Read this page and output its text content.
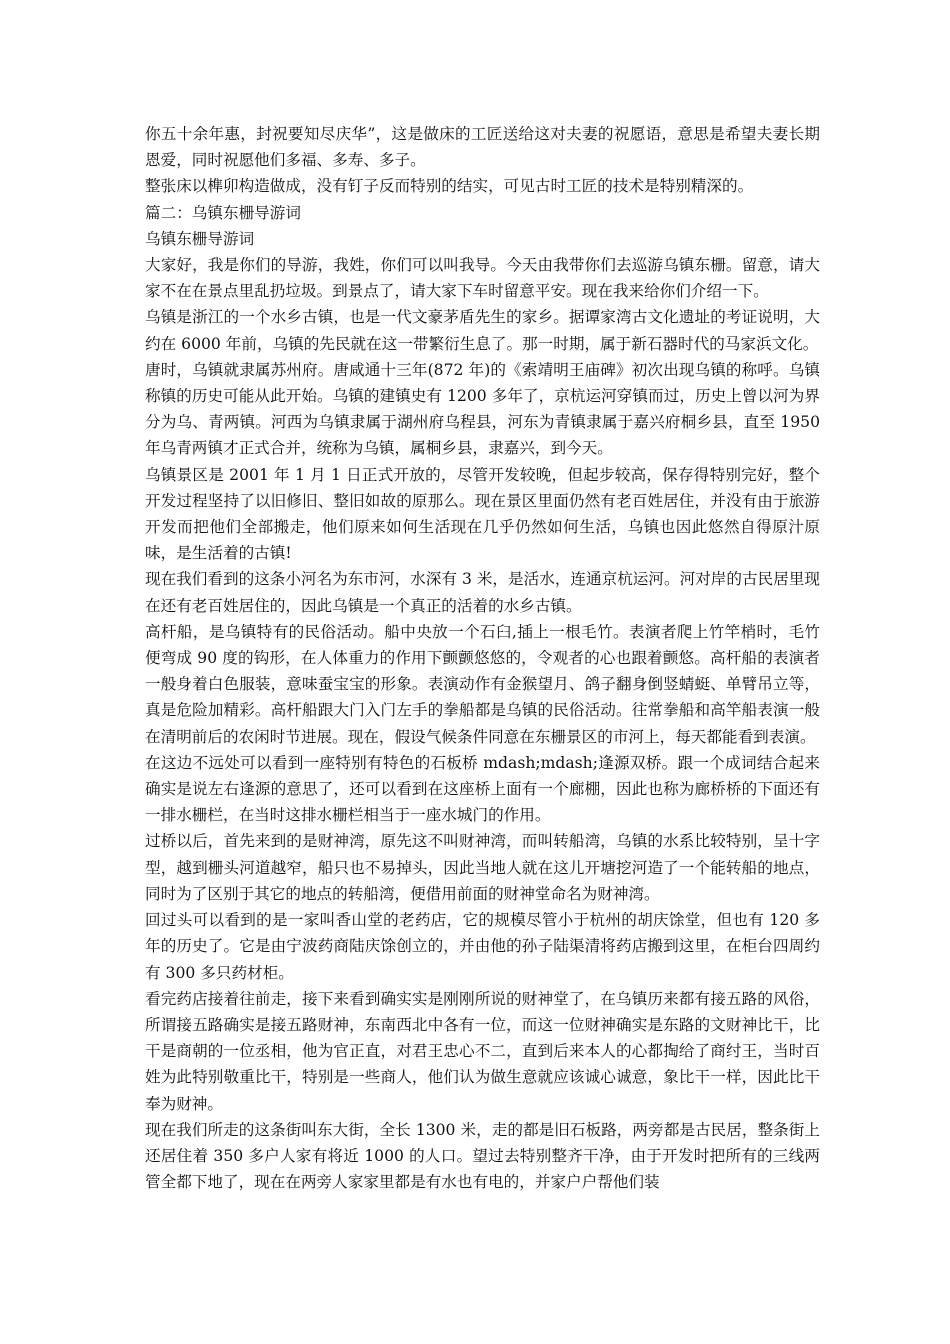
你五十余年惠，封祝要知尽庆华”，这是做床的工匠送给这对夫妻的祝愿语，意思是希望夫妻长期恩爱，同时祝愿他们多福、多寿、多子。

整张床以榫卯构造做成，没有钉子反而特别的结实，可见古时工匠的技术是特别精深的。

篇二：乌镇东栅导游词

乌镇东栅导游词

大家好，我是你们的导游，我姓，你们可以叫我导。今天由我带你们去巡游乌镇东栅。留意，请大家不在在景点里乱扔垃圾。到景点了，请大家下车时留意平安。现在我来给你们介绍一下。

乌镇是浙江的一个水乡古镇，也是一代文豪茅盾先生的家乡。据谭家湾古文化遗址的考证说明，大约在 6000 年前，乌镇的先民就在这一带繁衍生息了。那一时期，属于新石器时代的马家浜文化。

唐时，乌镇就隶属苏州府。唐咸通十三年(872 年)的《索靖明王庙碑》初次出现乌镇的称呼。乌镇称镇的历史可能从此开始。乌镇的建镇史有 1200 多年了，京杭运河穿镇而过，历史上曾以河为界分为乌、青两镇。河西为乌镇隶属于湖州府乌程县，河东为青镇隶属于嘉兴府桐乡县，直至 1950 年乌青两镇才正式合并，统称为乌镇，属桐乡县，隶嘉兴，到今天。

乌镇景区是 2001 年 1 月 1 日正式开放的，尽管开发较晚，但起步较高，保存得特别完好，整个开发过程坚持了以旧修旧、整旧如故的原那么。现在景区里面仍然有老百姓居住，并没有由于旅游开发而把他们全部搬走，他们原来如何生活现在几乎仍然如何生活，乌镇也因此悠然自得原汁原味，是生活着的古镇!

现在我们看到的这条小河名为东市河，水深有 3 米，是活水，连通京杭运河。河对岸的古民居里现在还有老百姓居住的，因此乌镇是一个真正的活着的水乡古镇。

高杆船，是乌镇特有的民俗活动。船中央放一个石臼,插上一根毛竹。表演者爬上竹竿梢时，毛竹便弯成 90 度的钩形，在人体重力的作用下颤颤悠悠的，令观者的心也跟着颤悠。高杆船的表演者一般身着白色服装，意味蚕宝宝的形象。表演动作有金猴望月、鸽子翻身倒竖蜻蜓、单臂吊立等，真是危险加精彩。高杆船跟大门入门左手的拳船都是乌镇的民俗活动。往常拳船和高竿船表演一般在清明前后的农闲时节进展。现在，假设气候条件同意在东栅景区的市河上，每天都能看到表演。

在这边不远处可以看到一座特别有特色的石板桥 mdash;mdash;逢源双桥。跟一个成词结合起来确实是说左右逢源的意思了，还可以看到在这座桥上面有一个廊棚，因此也称为廊桥桥的下面还有一排水栅栏，在当时这排水栅栏相当于一座水城门的作用。

过桥以后，首先来到的是财神湾，原先这不叫财神湾，而叫转船湾，乌镇的水系比较特别，呈十字型，越到栅头河道越窄，船只也不易掉头，因此当地人就在这儿开塘挖河造了一个能转船的地点，同时为了区别于其它的地点的转船湾，便借用前面的财神堂命名为财神湾。

回过头可以看到的是一家叫香山堂的老药店，它的规模尽管小于杭州的胡庆馀堂，但也有 120 多年的历史了。它是由宁波药商陆庆馀创立的，并由他的孙子陆渠清将药店搬到这里，在柜台四周约有 300 多只药材柜。

看完药店接着往前走，接下来看到确实实是刚刚所说的财神堂了，在乌镇历来都有接五路的风俗，所谓接五路确实是接五路财神，东南西北中各有一位，而这一位财神确实是东路的文财神比干，比干是商朝的一位丞相，他为官正直，对君王忠心不二，直到后来本人的心都掏给了商纣王，当时百姓为此特别敬重比干，特别是一些商人，他们认为做生意就应该诚心诚意，象比干一样，因此比干奉为财神。

现在我们所走的这条街叫东大街，全长 1300 米，走的都是旧石板路，两旁都是古民居，整条街上还居住着 350 多户人家有将近 1000 的人口。望过去特别整齐干净，由于开发时把所有的三线两管全都下地了，现在在两旁人家家里都是有水也有电的，并家户户帮他们装
